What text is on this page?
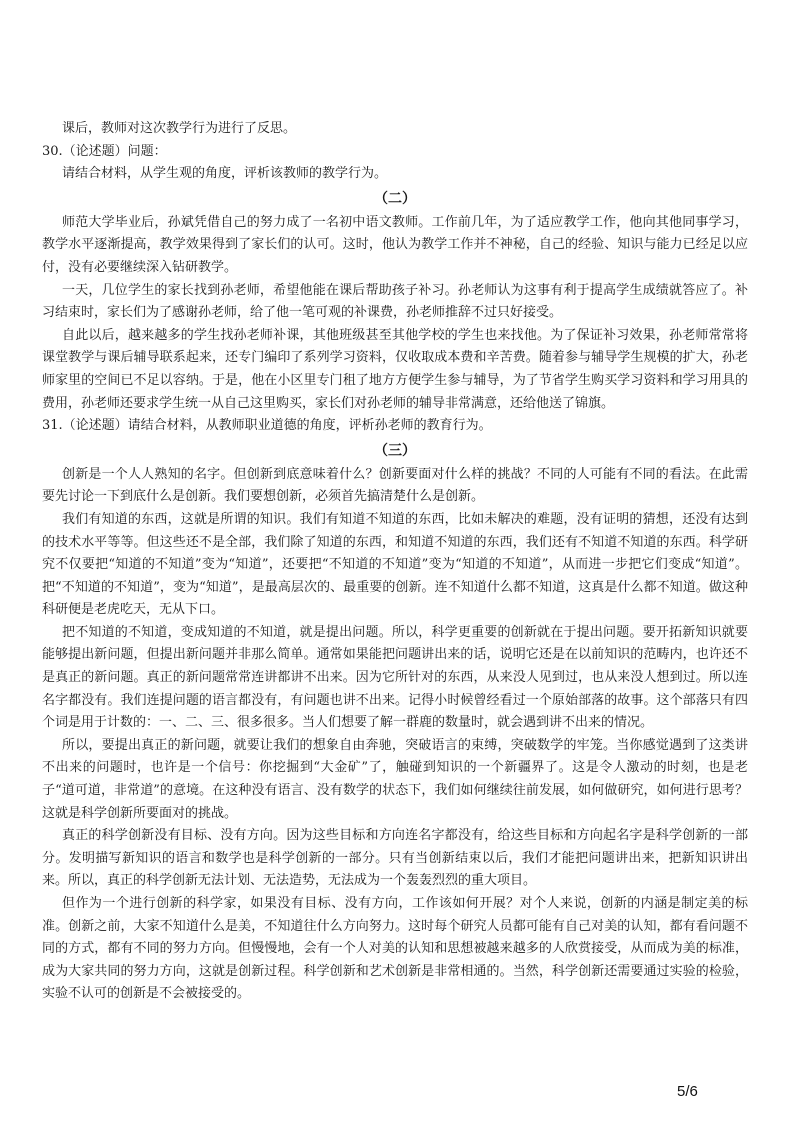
课后，教师对这次教学行为进行了反思。

30.（论述题）问题：

请结合材料，从学生观的角度，评析该教师的教学行为。

（二）

师范大学毕业后，孙斌凭借自己的努力成了一名初中语文教师。工作前几年，为了适应教学工作，他向其他同事学习，教学水平逐渐提高，教学效果得到了家长们的认可。这时，他认为教学工作并不神秘，自己的经验、知识与能力已经足以应付，没有必要继续深入钻研教学。

一天，几位学生的家长找到孙老师，希望他能在课后帮助孩子补习。孙老师认为这事有利于提高学生成绩就答应了。补习结束时，家长们为了感谢孙老师，给了他一笔可观的补课费，孙老师推辞不过只好接受。

自此以后，越来越多的学生找孙老师补课，其他班级甚至其他学校的学生也来找他。为了保证补习效果，孙老师常常将课堂教学与课后辅导联系起来，还专门编印了系列学习资料，仅收取成本费和辛苦费。随着参与辅导学生规模的扩大，孙老师家里的空间已不足以容纳。于是，他在小区里专门租了地方方便学生参与辅导，为了节省学生购买学习资料和学习用具的费用，孙老师还要求学生统一从自己这里购买，家长们对孙老师的辅导非常满意，还给他送了锦旗。

31.（论述题）请结合材料，从教师职业道德的角度，评析孙老师的教育行为。

（三）

创新是一个人人熟知的名字。但创新到底意味着什么？创新要面对什么样的挑战？不同的人可能有不同的看法。在此需要先讨论一下到底什么是创新。我们要想创新，必须首先搞清楚什么是创新。

我们有知道的东西，这就是所谓的知识。我们有知道不知道的东西，比如未解决的难题，没有证明的猜想，还没有达到的技术水平等等。但这些还不是全部，我们除了知道的东西，和知道不知道的东西，我们还有不知道不知道的东西。科学研究不仅要把“知道的不知道”变为“知道”，还要把“不知道的不知道”变为“知道的不知道”，从而进一步把它们变成“知道”。把“不知道的不知道”，变为“知道”，是最高层次的、最重要的创新。连不知道什么都不知道，这真是什么都不知道。做这种科研便是老虎吃天，无从下口。

把不知道的不知道，变成知道的不知道，就是提出问题。所以，科学更重要的创新就在于提出问题。要开拓新知识就要能够提出新问题，但提出新问题并非那么简单。通常如果能把问题讲出来的话，说明它还是在以前知识的范畴内，也许还不是真正的新问题。真正的新问题常常连讲都讲不出来。因为它所针对的东西，从来没人见到过，也从来没人想到过。所以连名字都没有。我们连提问题的语言都没有，有问题也讲不出来。记得小时候曾经看过一个原始部落的故事。这个部落只有四个词是用于计数的：一、二、三、很多很多。当人们想要了解一群鹿的数量时，就会遇到讲不出来的情况。

所以，要提出真正的新问题，就要让我们的想象自由奔驰，突破语言的束缚，突破数学的牢笼。当你感觉遇到了这类讲不出来的问题时，也许是一个信号：你挖掘到“大金矿”了，触碰到知识的一个新疆界了。这是令人激动的时刻，也是老子“道可道，非常道”的意境。在这种没有语言、没有数学的状态下，我们如何继续往前发展，如何做研究，如何进行思考？这就是科学创新所要面对的挑战。

真正的科学创新没有目标、没有方向。因为这些目标和方向连名字都没有，给这些目标和方向起名字是科学创新的一部分。发明描写新知识的语言和数学也是科学创新的一部分。只有当创新结束以后，我们才能把问题讲出来，把新知识讲出来。所以，真正的科学创新无法计划、无法造势，无法成为一个轰轰烈烈的重大项目。

但作为一个进行创新的科学家，如果没有目标、没有方向，工作该如何开展？对个人来说，创新的内涵是制定美的标准。创新之前，大家不知道什么是美，不知道往什么方向努力。这时每个研究人员都可能有自己对美的认知，都有看问题不同的方式，都有不同的努力方向。但慢慢地，会有一个人对美的认知和思想被越来越多的人欣赏接受，从而成为美的标准，成为大家共同的努力方向，这就是创新过程。科学创新和艺术创新是非常相通的。当然，科学创新还需要通过实验的检验，实验不认可的创新是不会被接受的。

5/6
